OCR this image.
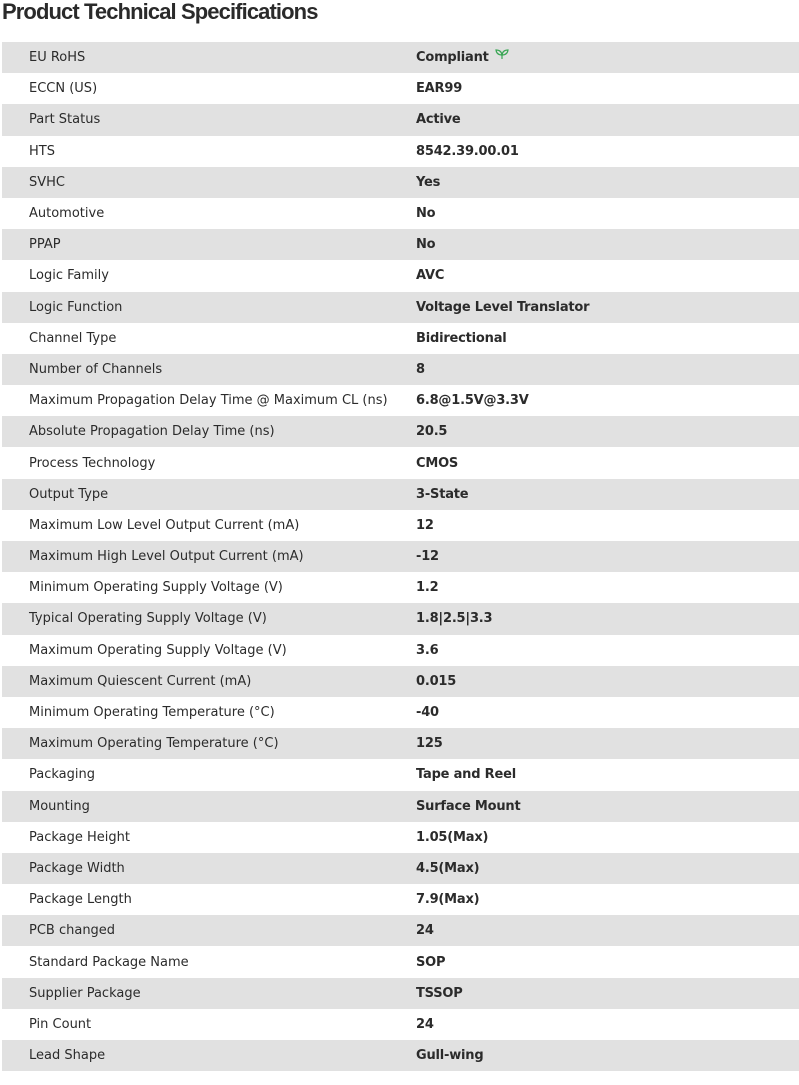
Product Technical Specifications
EU RoHS	Compliant
ECCN (US)	EAR99
Part Status	Active
HTS	8542.39.00.01
SVHC	Yes
Automotive	No
PPAP	No
Logic Family	AVC
Logic Function	Voltage Level Translator
Channel Type	Bidirectional
Number of Channels	8
Maximum Propagation Delay Time @ Maximum CL (ns)	6.8@1.5V@3.3V
Absolute Propagation Delay Time (ns)	20.5
Process Technology	CMOS
Output Type	3-State
Maximum Low Level Output Current (mA)	12
Maximum High Level Output Current (mA)	-12
Minimum Operating Supply Voltage (V)	1.2
Typical Operating Supply Voltage (V)	1.8|2.5|3.3
Maximum Operating Supply Voltage (V)	3.6
Maximum Quiescent Current (mA)	0.015
Minimum Operating Temperature (°C)	-40
Maximum Operating Temperature (°C)	125
Packaging	Tape and Reel
Mounting	Surface Mount
Package Height	1.05(Max)
Package Width	4.5(Max)
Package Length	7.9(Max)
PCB changed	24
Standard Package Name	SOP
Supplier Package	TSSOP
Pin Count	24
Lead Shape	Gull-wing
